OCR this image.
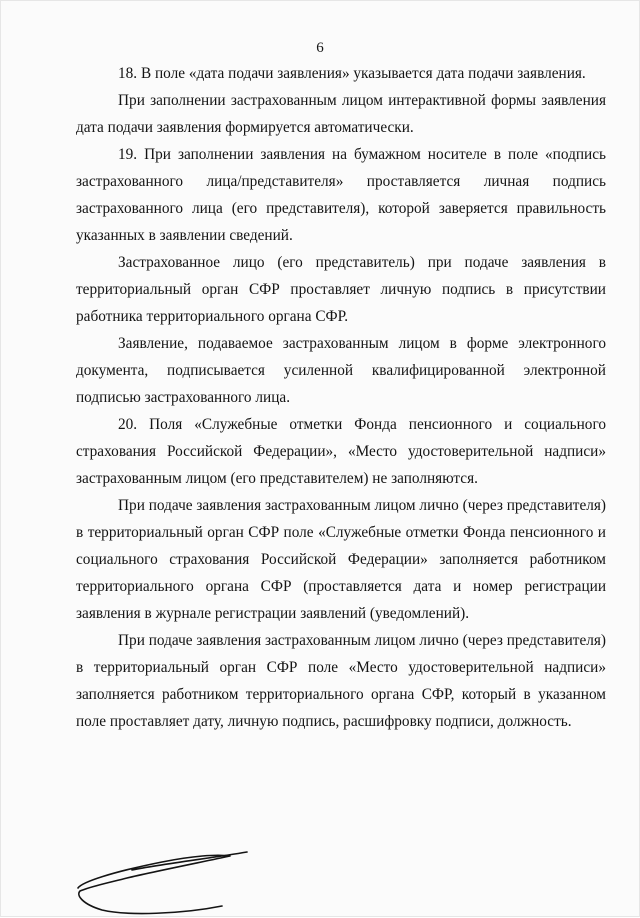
6

18. В поле «дата подачи заявления» указывается дата подачи заявления.

При заполнении застрахованным лицом интерактивной формы заявления дата подачи заявления формируется автоматически.

19. При заполнении заявления на бумажном носителе в поле «подпись застрахованного лица/представителя» проставляется личная подпись застрахованного лица (его представителя), которой заверяется правильность указанных в заявлении сведений.

Застрахованное лицо (его представитель) при подаче заявления в территориальный орган СФР проставляет личную подпись в присутствии работника территориального органа СФР.

Заявление, подаваемое застрахованным лицом в форме электронного документа, подписывается усиленной квалифицированной электронной подписью застрахованного лица.

20. Поля «Служебные отметки Фонда пенсионного и социального страхования Российской Федерации», «Место удостоверительной надписи» застрахованным лицом (его представителем) не заполняются.

При подаче заявления застрахованным лицом лично (через представителя) в территориальный орган СФР поле «Служебные отметки Фонда пенсионного и социального страхования Российской Федерации» заполняется работником территориального органа СФР (проставляется дата и номер регистрации заявления в журнале регистрации заявлений (уведомлений).

При подаче заявления застрахованным лицом лично (через представителя) в территориальный орган СФР поле «Место удостоверительной надписи» заполняется работником территориального органа СФР, который в указанном поле проставляет дату, личную подпись, расшифровку подписи, должность.
